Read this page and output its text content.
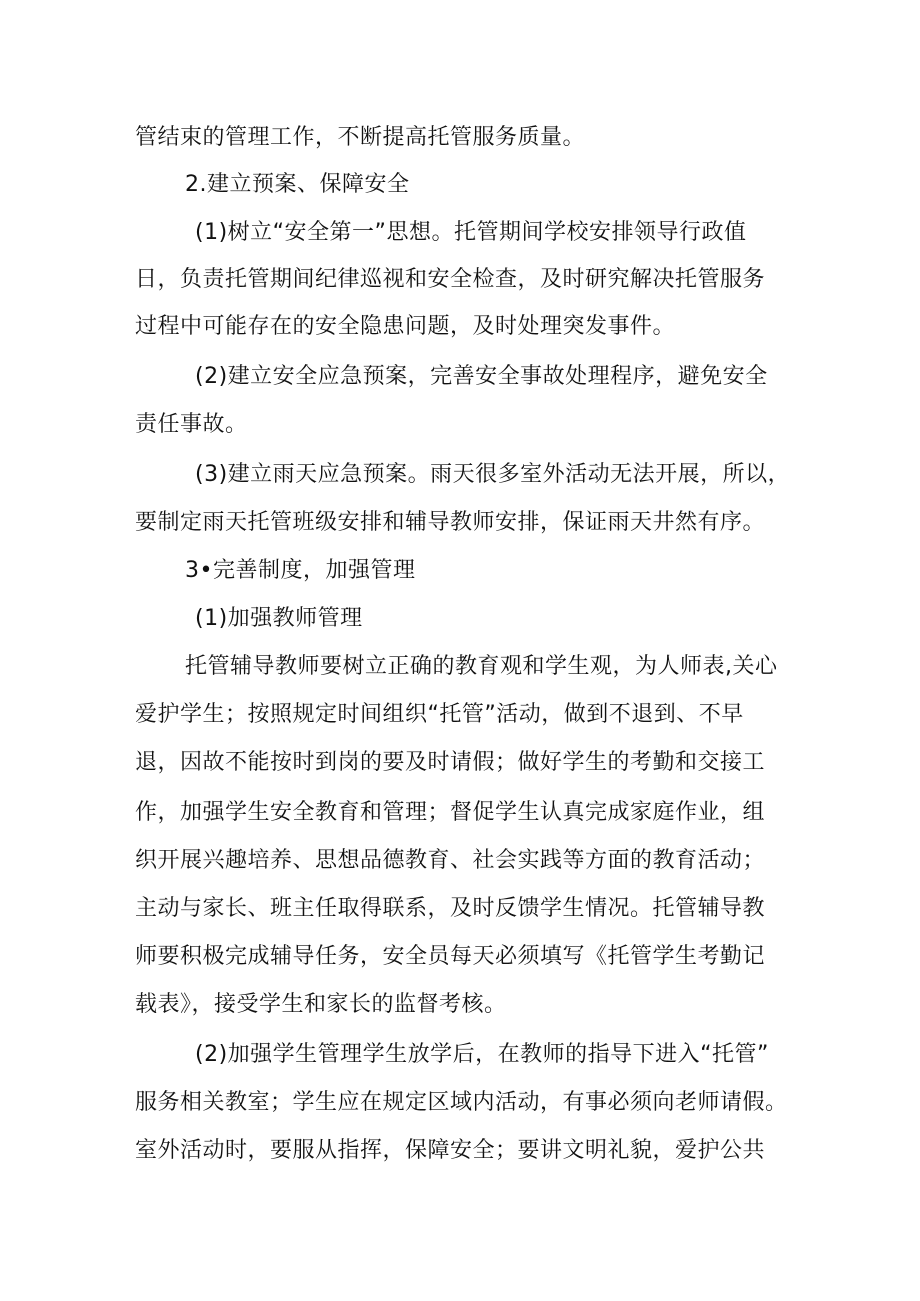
管结束的管理工作，不断提高托管服务质量。
2.建立预案、保障安全
(1)树立“安全第一”思想。托管期间学校安排领导行政值
日，负责托管期间纪律巡视和安全检查，及时研究解决托管服务
过程中可能存在的安全隐患问题，及时处理突发事件。
(2)建立安全应急预案，完善安全事故处理程序，避免安全
责任事故。
(3)建立雨天应急预案。雨天很多室外活动无法开展，所以，
要制定雨天托管班级安排和辅导教师安排，保证雨天井然有序。
3•完善制度，加强管理
(1)加强教师管理
托管辅导教师要树立正确的教育观和学生观，为人师表,关心
爱护学生；按照规定时间组织“托管”活动，做到不退到、不早
退，因故不能按时到岗的要及时请假；做好学生的考勤和交接工
作，加强学生安全教育和管理；督促学生认真完成家庭作业，组
织开展兴趣培养、思想品德教育、社会实践等方面的教育活动；
主动与家长、班主任取得联系，及时反馈学生情况。托管辅导教
师要积极完成辅导任务，安全员每天必须填写《托管学生考勤记
载表》，接受学生和家长的监督考核。
(2)加强学生管理学生放学后，在教师的指导下进入“托管”
服务相关教室；学生应在规定区域内活动，有事必须向老师请假。
室外活动时，要服从指挥，保障安全；要讲文明礼貌，爱护公共
